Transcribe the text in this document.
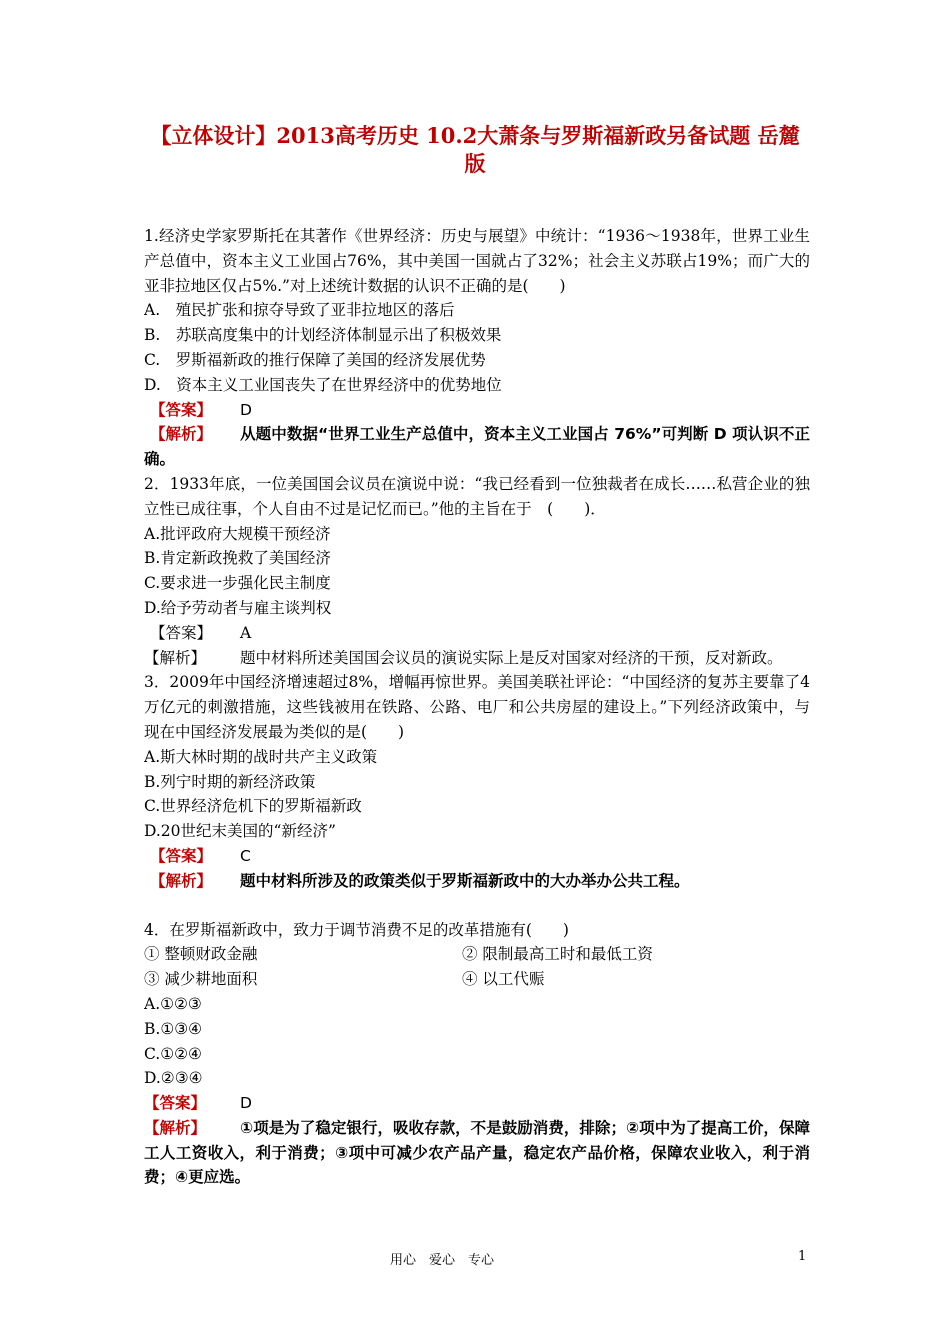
【立体设计】2013高考历史 10.2大萧条与罗斯福新政另备试题 岳麓版

1.经济史学家罗斯托在其著作《世界经济：历史与展望》中统计：“1936～1938年，世界工业生产总值中，资本主义工业国占76%，其中美国一国就占了32%；社会主义苏联占19%；而广大的亚非拉地区仅占5%.”对上述统计数据的认识不正确的是(　　)

A.　殖民扩张和掠夺导致了亚非拉地区的落后

B.　苏联高度集中的计划经济体制显示出了积极效果

C.　罗斯福新政的推行保障了美国的经济发展优势

D.　资本主义工业国丧失了在世界经济中的优势地位

【答案】 D

【解析】 从题中数据“世界工业生产总值中，资本主义工业国占 76%”可判断 D 项认识不正确。

2．1933年底，一位美国国会议员在演说中说：“我已经看到一位独裁者在成长……私营企业的独立性已成往事，个人自由不过是记忆而已。”他的主旨在于　(　　)．

A.批评政府大规模干预经济

B.肯定新政挽救了美国经济

C.要求进一步强化民主制度

D.给予劳动者与雇主谈判权

【答案】 A

【解析】 题中材料所述美国国会议员的演说实际上是反对国家对经济的干预，反对新政。

3．2009年中国经济增速超过8%，增幅再惊世界。美国美联社评论：“中国经济的复苏主要靠了4万亿元的刺激措施，这些钱被用在铁路、公路、电厂和公共房屋的建设上。”下列经济政策中，与现在中国经济发展最为类似的是(　　)

A.斯大林时期的战时共产主义政策

B.列宁时期的新经济政策

C.世界经济危机下的罗斯福新政

D.20世纪末美国的“新经济”

【答案】 C

【解析】 题中材料所涉及的政策类似于罗斯福新政中的大办举办公共工程。

4．在罗斯福新政中，致力于调节消费不足的改革措施有(　　)

① 整顿财政金融	② 限制最高工时和最低工资

③ 减少耕地面积	④ 以工代赈

A.①②③

B.①③④

C.①②④

D.②③④

【答案】 D

【解析】 ①项是为了稳定银行，吸收存款，不是鼓励消费，排除；②项中为了提高工价，保障工人工资收入，利于消费；③项中可减少农产品产量，稳定农产品价格，保障农业收入，利于消费；④更应选。

用心　爱心　专心	1
